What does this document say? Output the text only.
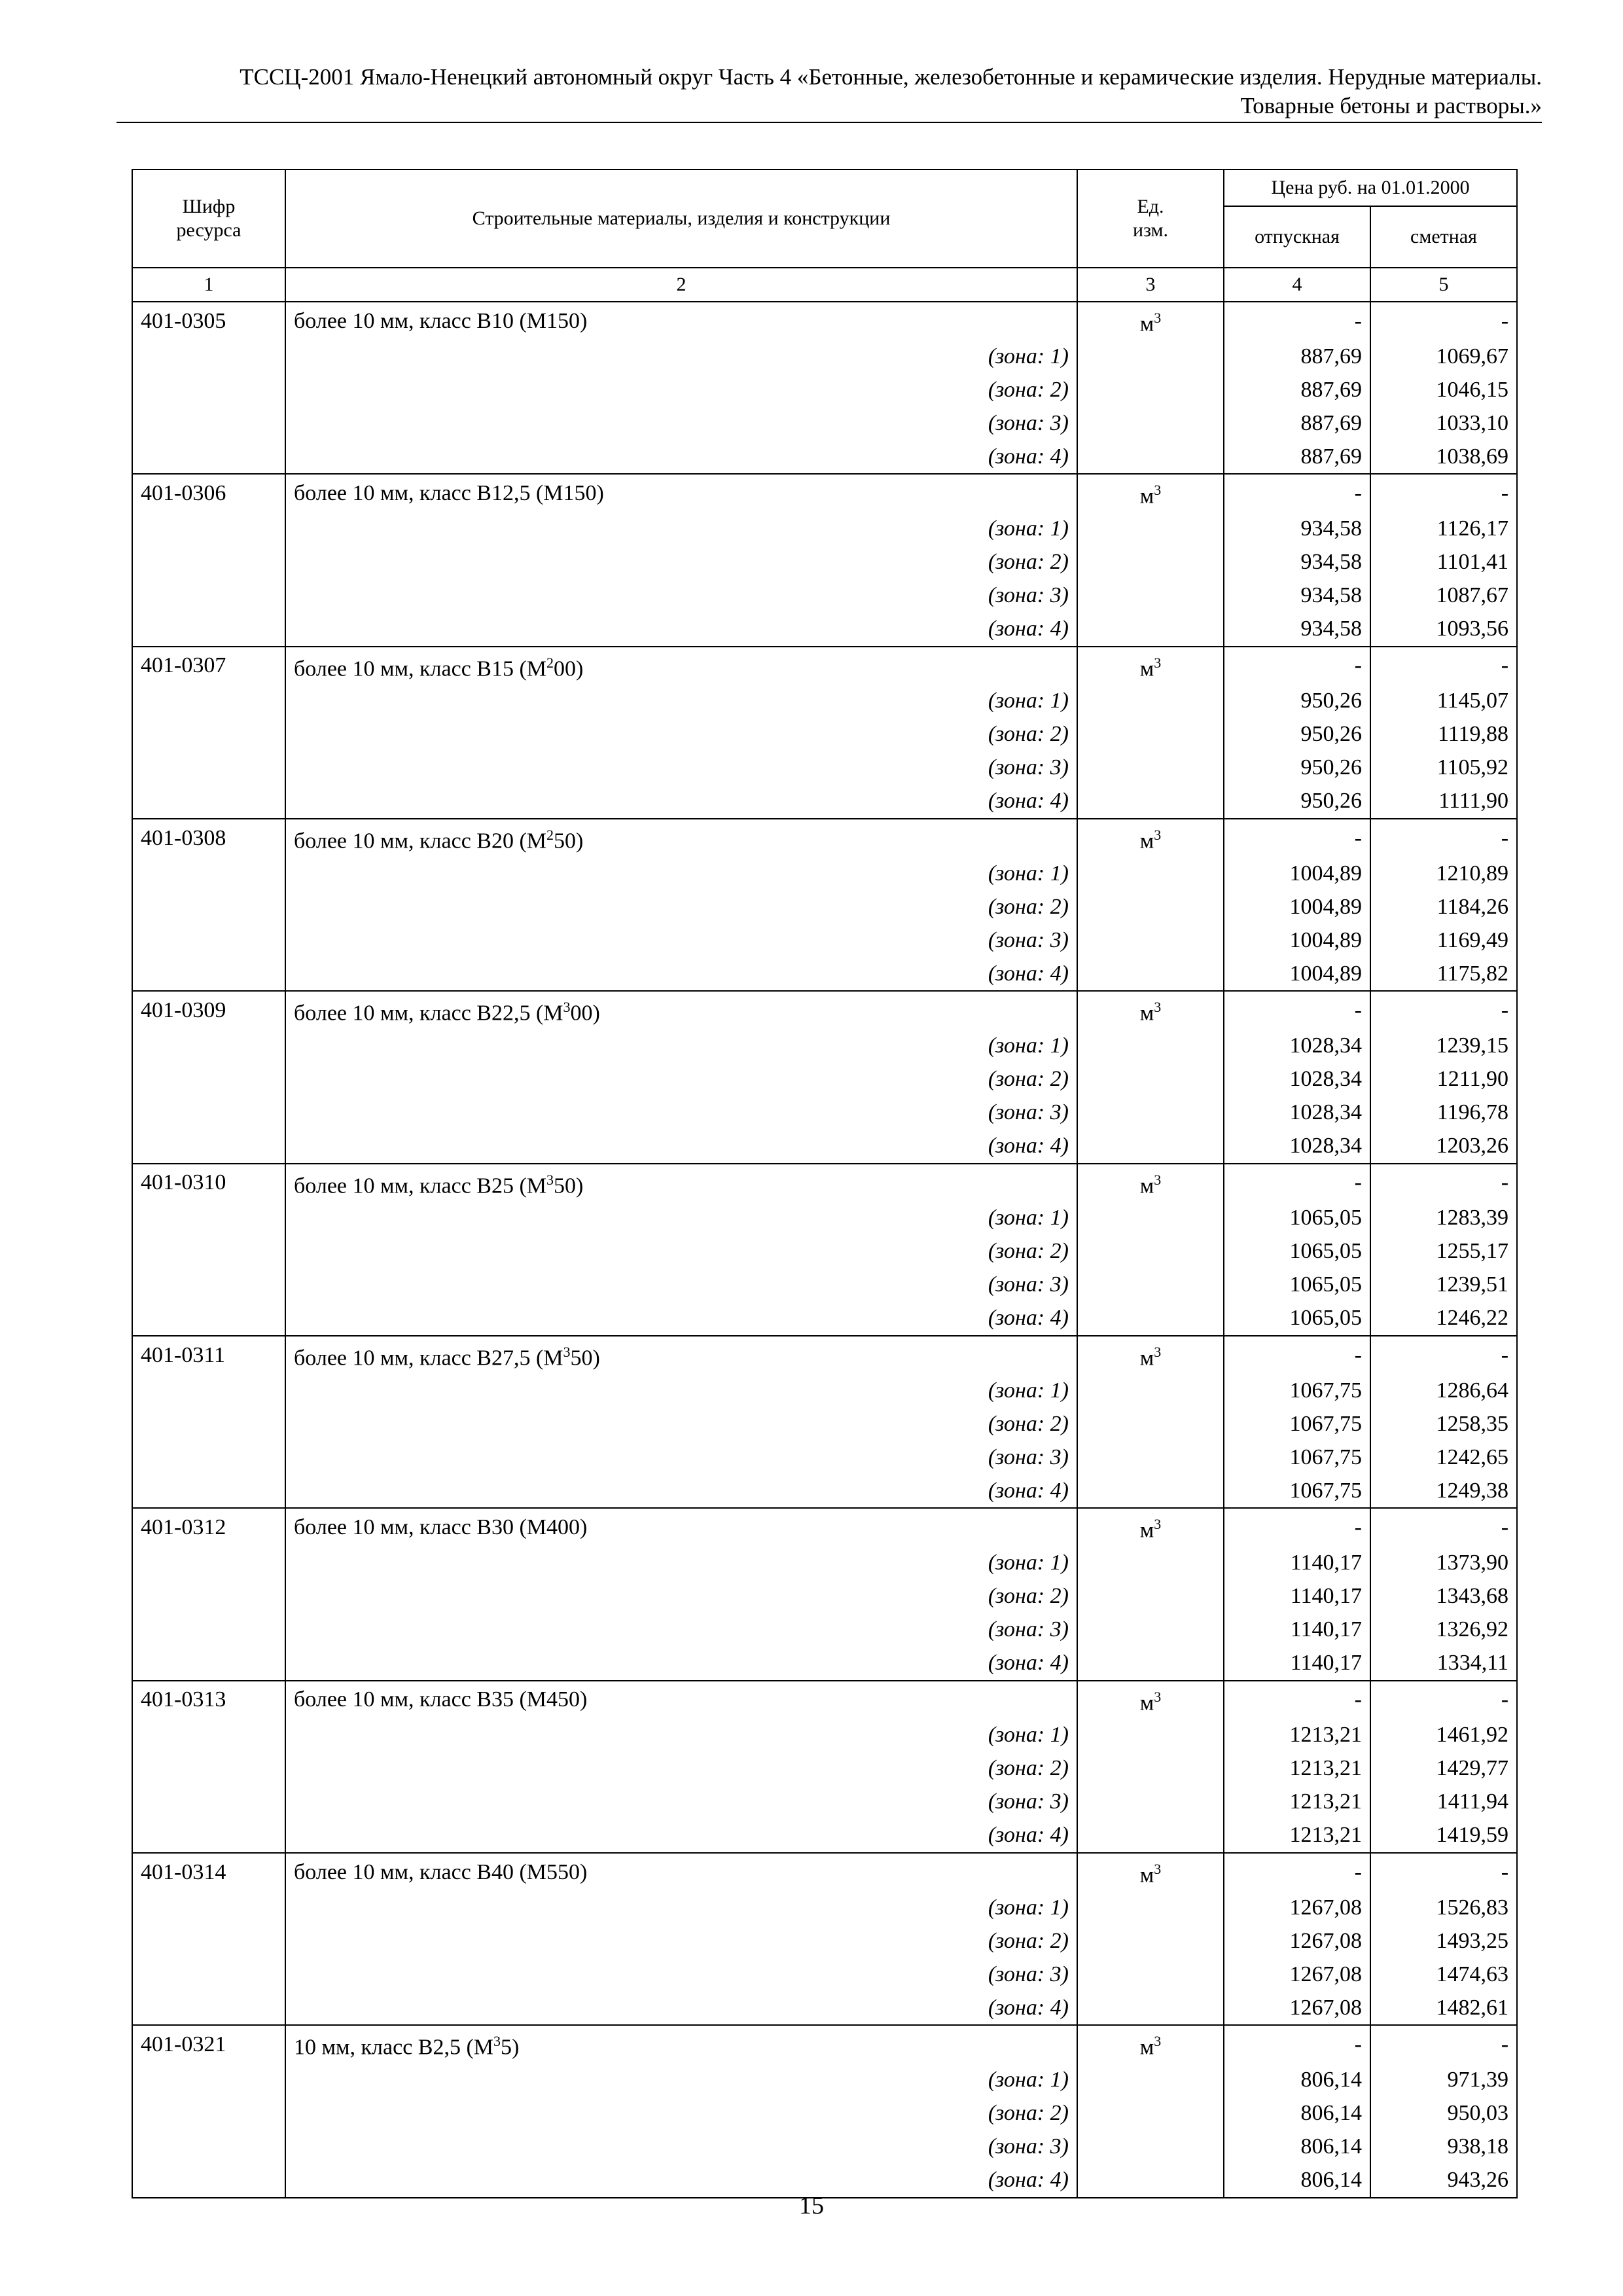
ТССЦ-2001 Ямало-Ненецкий автономный округ Часть 4 «Бетонные, железобетонные и керамические изделия. Нерудные материалы.
Товарные бетоны и растворы.»
Шифр ресурса	Строительные материалы, изделия и конструкции	Ед. изм.	Цена руб. на 01.01.2000	
			отпускная	сметная
1	2	3	4	5
401-0305	более 10 мм, класс B10 (M150)	$м^3$	-	-
	(зона: 1)		887,69	1069,67
	(зона: 2)		887,69	1046,15
	(зона: 3)		887,69	1033,10
	(зона: 4)		887,69	1038,69
401-0306	более 10 мм, класс B12,5 (M150)	$м^3$	-	-
	(зона: 1)		934,58	1126,17
	(зона: 2)		934,58	1101,41
	(зона: 3)		934,58	1087,67
	(зона: 4)		934,58	1093,56
401-0307	более 10 мм, класс B15 $(M^200)$	$м^3$	-	-
	(зона: 1)		950,26	1145,07
	(зона: 2)		950,26	1119,88
	(зона: 3)		950,26	1105,92
	(зона: 4)		950,26	1111,90
401-0308	более 10 мм, класс B20 $(M^250)$	$м^3$	-	-
	(зона: 1)		1004,89	1210,89
	(зона: 2)		1004,89	1184,26
	(зона: 3)		1004,89	1169,49
	(зона: 4)		1004,89	1175,82
401-0309	более 10 мм, класс B22,5 $(M^300)$	$м^3$	-	-
	(зона: 1)		1028,34	1239,15
	(зона: 2)		1028,34	1211,90
	(зона: 3)		1028,34	1196,78
	(зона: 4)		1028,34	1203,26
401-0310	более 10 мм, класс B25 $(M^350)$	$м^3$	-	-
	(зона: 1)		1065,05	1283,39
	(зона: 2)		1065,05	1255,17
	(зона: 3)		1065,05	1239,51
	(зона: 4)		1065,05	1246,22
401-0311	более 10 мм, класс B27,5 $(M^350)$	$м^3$	-	-
	(зона: 1)		1067,75	1286,64
	(зона: 2)		1067,75	1258,35
	(зона: 3)		1067,75	1242,65
	(зона: 4)		1067,75	1249,38
401-0312	более 10 мм, класс B30 (M400)	$м^3$	-	-
	(зона: 1)		1140,17	1373,90
	(зона: 2)		1140,17	1343,68
	(зона: 3)		1140,17	1326,92
	(зона: 4)		1140,17	1334,11
401-0313	более 10 мм, класс B35 (M450)	$м^3$	-	-
	(зона: 1)		1213,21	1461,92
	(зона: 2)		1213,21	1429,77
	(зона: 3)		1213,21	1411,94
	(зона: 4)		1213,21	1419,59
401-0314	более 10 мм, класс B40 (M550)	$м^3$	-	-
	(зона: 1)		1267,08	1526,83
	(зона: 2)		1267,08	1493,25
	(зона: 3)		1267,08	1474,63
	(зона: 4)		1267,08	1482,61
401-0321	10 мм, класс B2,5 $(M^35)$	$м^3$	-	-
	(зона: 1)		806,14	971,39
	(зона: 2)		806,14	950,03
	(зона: 3)		806,14	938,18
	(зона: 4)		806,14	943,26
15
